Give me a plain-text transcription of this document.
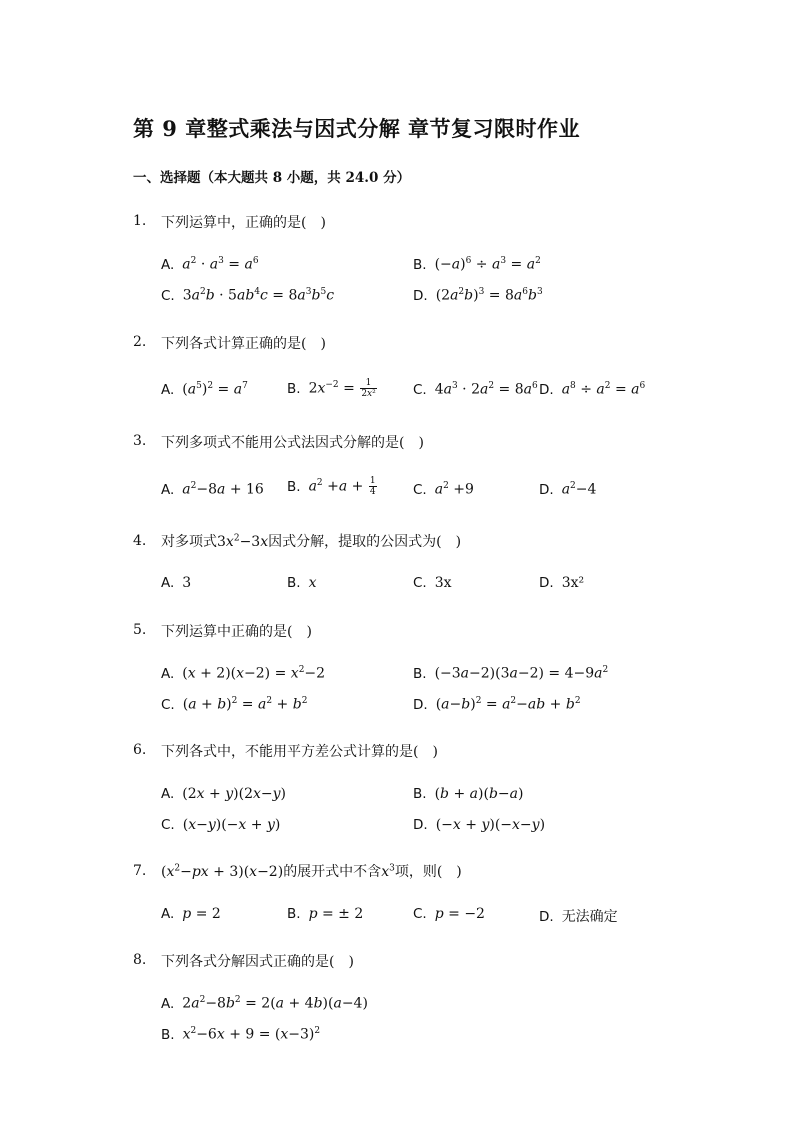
第 9 章整式乘法与因式分解 章节复习限时作业
一、选择题（本大题共 8 小题，共 24.0 分）
1. 下列运算中，正确的是(　)
A. $a^2 \cdot a^3 = a^6$	B. $(-a)^6 \div a^3 = a^2$
C. $3a^2b \cdot 5ab^4c = 8a^3b^5c$	D. $(2a^2b)^3 = 8a^6b^3$
2. 下列各式计算正确的是(　)
A. $(a^5)^2 = a^7$	B. $2x^{-2} = \frac{1}{\text{2x²}}$	C. $4a^3 \cdot 2a^2 = 8a^6$ D. $a^8 \div a^2 = a^6$
3. 下列多项式不能用公式法因式分解的是(　)
A. $a^2-8a + 16$ B. $a^2 +a + \frac{1}{4}$	C. $a^2 +9$	D. $a^2-4$
4. 对多项式$3x^2-3x$因式分解，提取的公因式为(　)
A. 3	B. x	C. 3x	D. 3x²
5. 下列运算中正确的是(　)
A. $(x + 2)(x-2) = x^2-2$	B. $(-3a-2)(3a-2) = 4-9a^2$
C. $(a + b)^2 = a^2 + b^2$	D. $(a-b)^2 = a^2-ab + b^2$
6. 下列各式中，不能用平方差公式计算的是(　)
A. (2x + y)(2x−y)	B. (b + a)(b−a)
C. (x−y)(−x + y)	D. (−x + y)(−x−y)
7. $(x^2-px + 3)(x-2)$的展开式中不含$x^3$项，则(　)
A. p = 2	B. p = ± 2	C. p = −2	D. 无法确定
8. 下列各式分解因式正确的是(　)
A. $2a^2-8b^2 = 2(a + 4b)(a-4)$
B. $x^2-6x + 9 = (x-3)^2$
